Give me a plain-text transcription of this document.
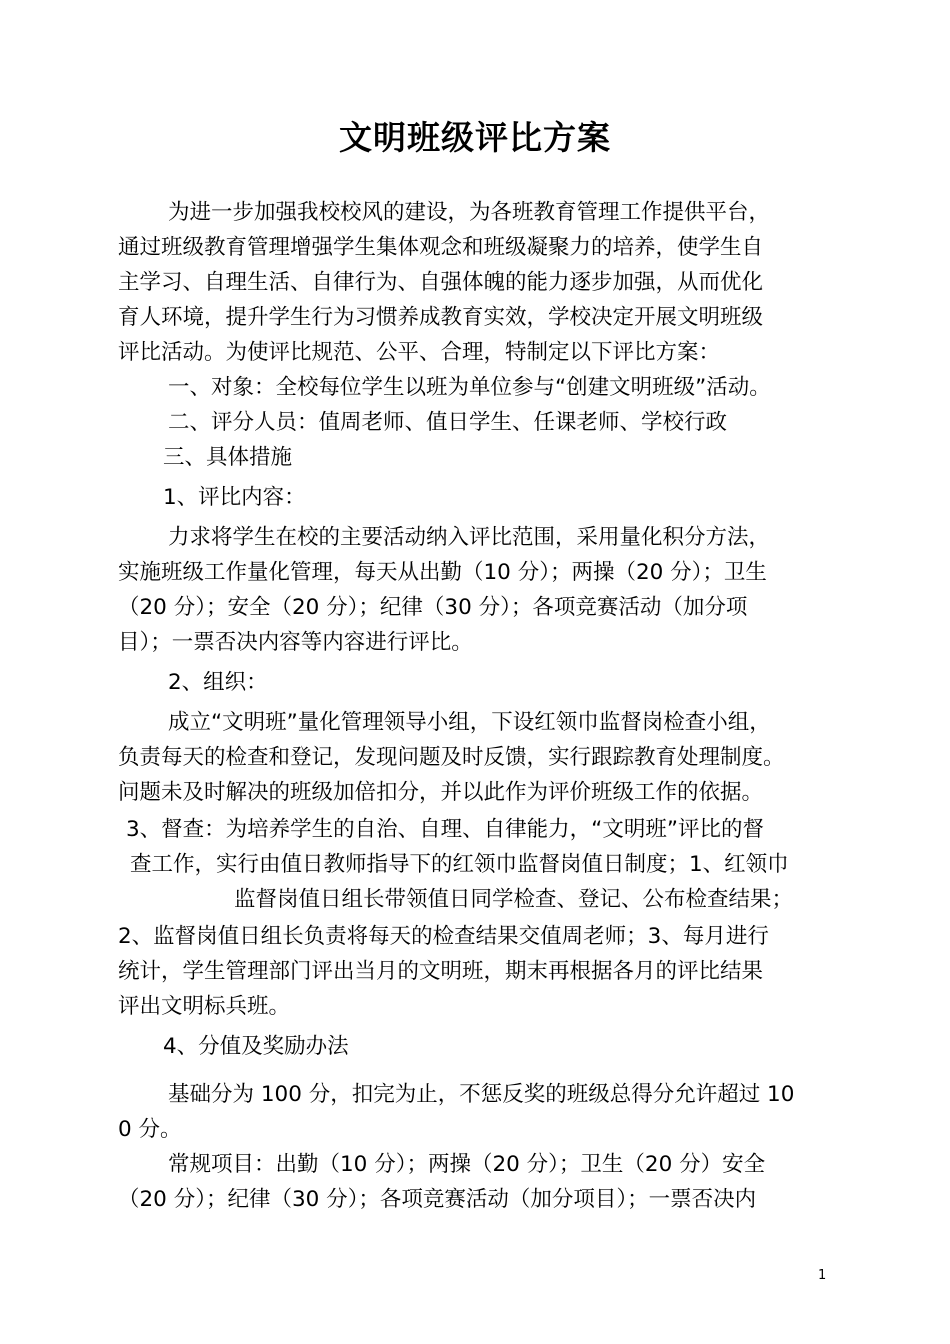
文明班级评比方案
为进一步加强我校校风的建设，为各班教育管理工作提供平台，
通过班级教育管理增强学生集体观念和班级凝聚力的培养，使学生自
主学习、自理生活、自律行为、自强体魄的能力逐步加强，从而优化
育人环境，提升学生行为习惯养成教育实效，学校决定开展文明班级
评比活动。为使评比规范、公平、合理，特制定以下评比方案：
一、对象：全校每位学生以班为单位参与“创建文明班级”活动。
二、评分人员：值周老师、值日学生、任课老师、学校行政
三、具体措施
1、评比内容：
力求将学生在校的主要活动纳入评比范围，采用量化积分方法，
实施班级工作量化管理，每天从出勤（10 分）；两操（20 分）；卫生
（20 分）；安全（20 分）；纪律（30 分）；各项竞赛活动（加分项
目）；一票否决内容等内容进行评比。
2、组织：
成立“文明班”量化管理领导小组，下设红领巾监督岗检查小组，
负责每天的检查和登记，发现问题及时反馈，实行跟踪教育处理制度。
问题未及时解决的班级加倍扣分，并以此作为评价班级工作的依据。
3、督查：为培养学生的自治、自理、自律能力，“文明班”评比的督
查工作，实行由值日教师指导下的红领巾监督岗值日制度；1、红领巾
监督岗值日组长带领值日同学检查、登记、公布检查结果；
2、监督岗值日组长负责将每天的检查结果交值周老师；3、每月进行
统计，学生管理部门评出当月的文明班，期末再根据各月的评比结果
评出文明标兵班。
4、分值及奖励办法
基础分为 100 分，扣完为止，不惩反奖的班级总得分允许超过 10
0 分。
常规项目：出勤（10 分）；两操（20 分）；卫生（20 分）安全
（20 分）；纪律（30 分）；各项竞赛活动（加分项目）；一票否决内
1
